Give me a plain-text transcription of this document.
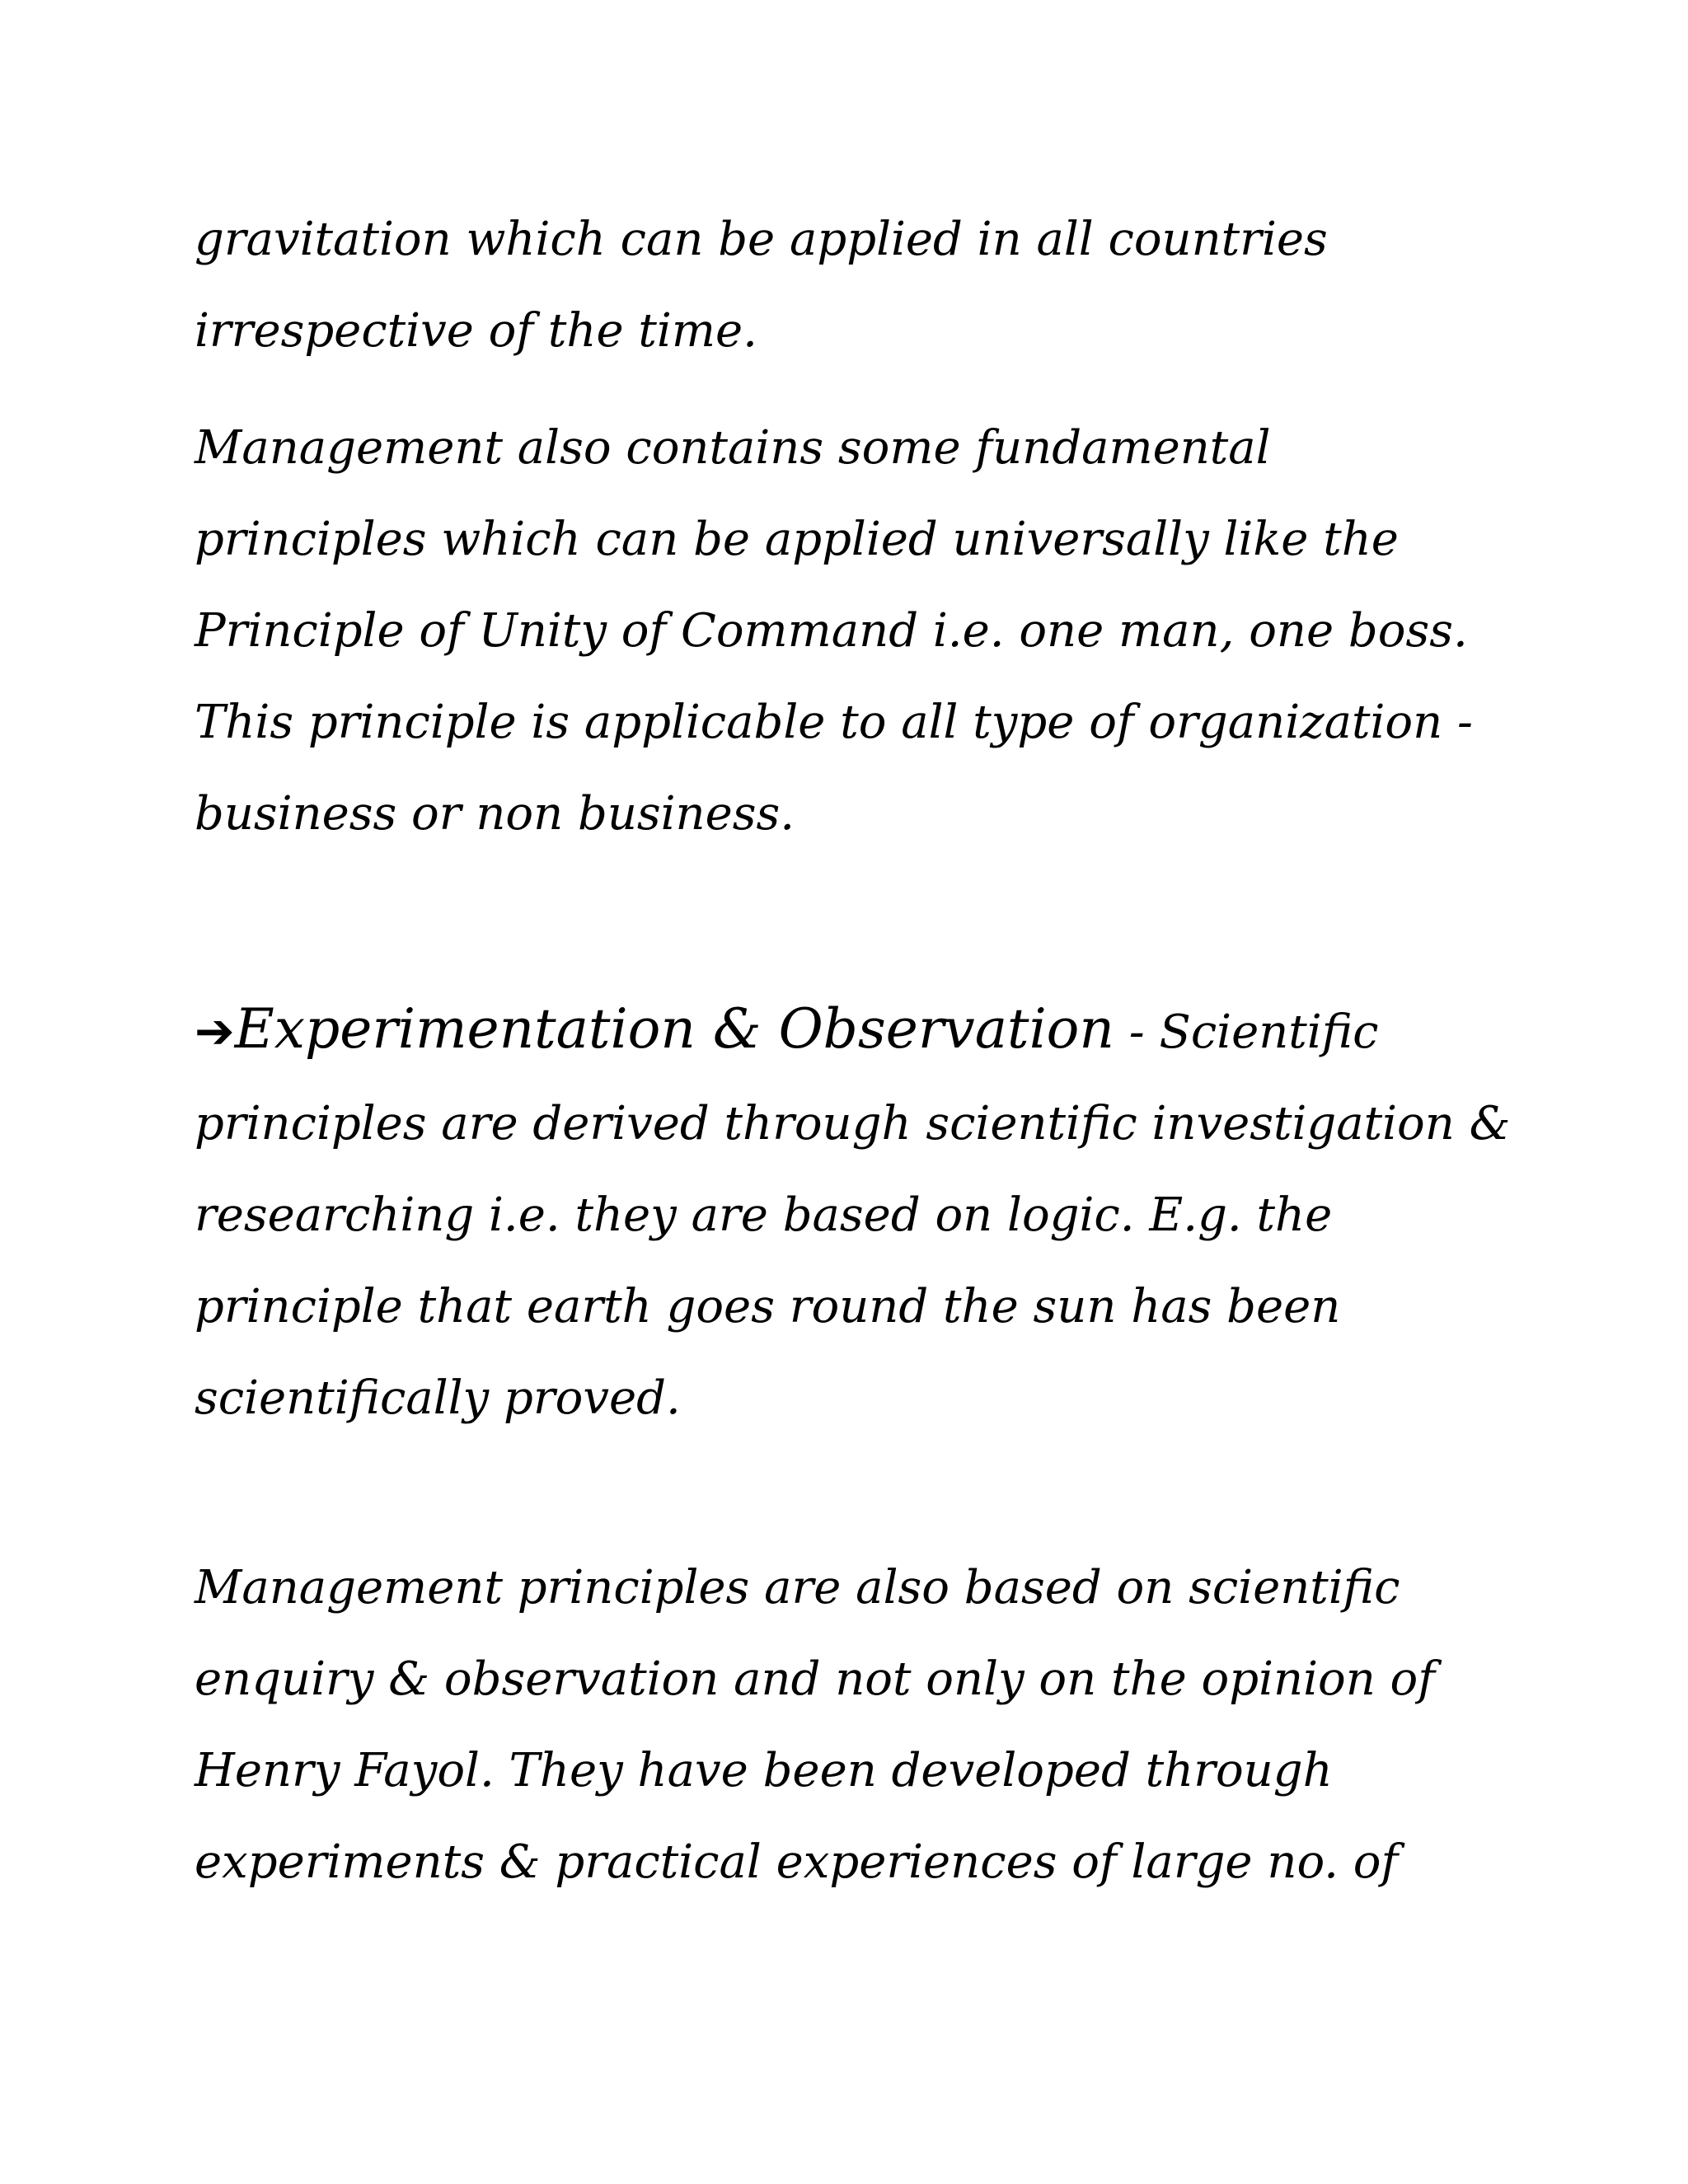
gravitation which can be applied in all countries irrespective of the time.
Management also contains some fundamental principles which can be applied universally like the Principle of Unity of Command i.e. one man, one boss. This principle is applicable to all type of organization - business or non business.
➔Experimentation & Observation - Scientific principles are derived through scientific investigation & researching i.e. they are based on logic. E.g. the principle that earth goes round the sun has been scientifically proved.
Management principles are also based on scientific enquiry & observation and not only on the opinion of Henry Fayol. They have been developed through experiments & practical experiences of large no. of
